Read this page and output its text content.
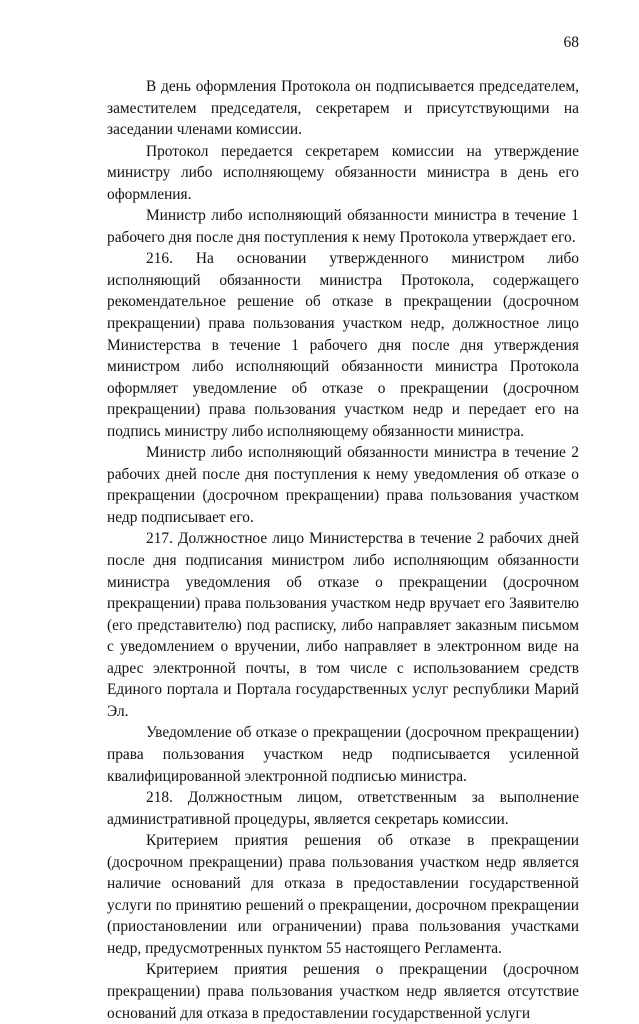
68

В день оформления Протокола он подписывается председателем, заместителем председателя, секретарем и присутствующими на заседании членами комиссии.

Протокол передается секретарем комиссии на утверждение министру либо исполняющему обязанности министра в день его оформления.

Министр либо исполняющий обязанности министра в течение 1 рабочего дня после дня поступления к нему Протокола утверждает его.

216. На основании утвержденного министром либо исполняющий обязанности министра Протокола, содержащего рекомендательное решение об отказе в прекращении (досрочном прекращении) права пользования участком недр, должностное лицо Министерства в течение 1 рабочего дня после дня утверждения министром либо исполняющий обязанности министра Протокола оформляет уведомление об отказе о прекращении (досрочном прекращении) права пользования участком недр и передает его на подпись министру либо исполняющему обязанности министра.

Министр либо исполняющий обязанности министра в течение 2 рабочих дней после дня поступления к нему уведомления об отказе о прекращении (досрочном прекращении) права пользования участком недр подписывает его.

217. Должностное лицо Министерства в течение 2 рабочих дней после дня подписания министром либо исполняющим обязанности министра уведомления об отказе о прекращении (досрочном прекращении) права пользования участком недр вручает его Заявителю (его представителю) под расписку, либо направляет заказным письмом с уведомлением о вручении, либо направляет в электронном виде на адрес электронной почты, в том числе с использованием средств Единого портала и Портала государственных услуг республики Марий Эл.

Уведомление об отказе о прекращении (досрочном прекращении) права пользования участком недр подписывается усиленной квалифицированной электронной подписью министра.

218. Должностным лицом, ответственным за выполнение административной процедуры, является секретарь комиссии.

Критерием приятия решения об отказе в прекращении (досрочном прекращении) права пользования участком недр является наличие оснований для отказа в предоставлении государственной услуги по принятию решений о прекращении, досрочном прекращении (приостановлении или ограничении) права пользования участками недр, предусмотренных пунктом 55 настоящего Регламента.

Критерием приятия решения о прекращении (досрочном прекращении) права пользования участком недр является отсутствие оснований для отказа в предоставлении государственной услуги
